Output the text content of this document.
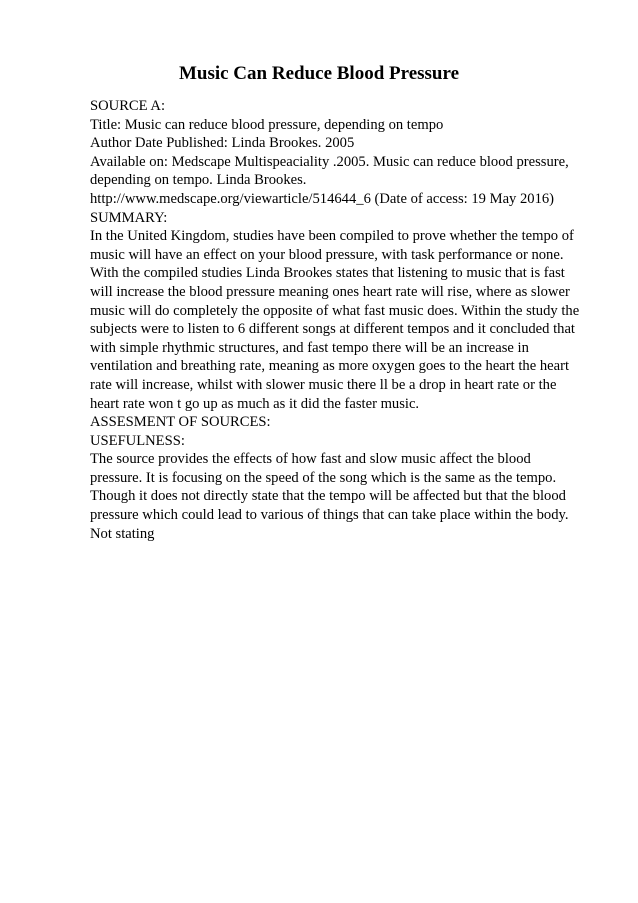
Music Can Reduce Blood Pressure
SOURCE A:
Title: Music can reduce blood pressure, depending on tempo
Author Date Published: Linda Brookes. 2005
Available on: Medscape Multispeaciality .2005. Music can reduce blood pressure,
depending on tempo. Linda Brookes.
http://www.medscape.org/viewarticle/514644_6 (Date of access: 19 May 2016)
SUMMARY:
In the United Kingdom, studies have been compiled to prove whether the tempo of
music will have an effect on your blood pressure, with task performance or none.
With the compiled studies Linda Brookes states that listening to music that is fast
will increase the blood pressure meaning ones heart rate will rise, where as slower
music will do completely the opposite of what fast music does. Within the study the
subjects were to listen to 6 different songs at different tempos and it concluded that
with simple rhythmic structures, and fast tempo there will be an increase in
ventilation and breathing rate, meaning as more oxygen goes to the heart the heart
rate will increase, whilst with slower music there ll be a drop in heart rate or the
heart rate won t go up as much as it did the faster music.
ASSESMENT OF SOURCES:
USEFULNESS:
The source provides the effects of how fast and slow music affect the blood
pressure. It is focusing on the speed of the song which is the same as the tempo.
Though it does not directly state that the tempo will be affected but that the blood
pressure which could lead to various of things that can take place within the body.
Not stating
